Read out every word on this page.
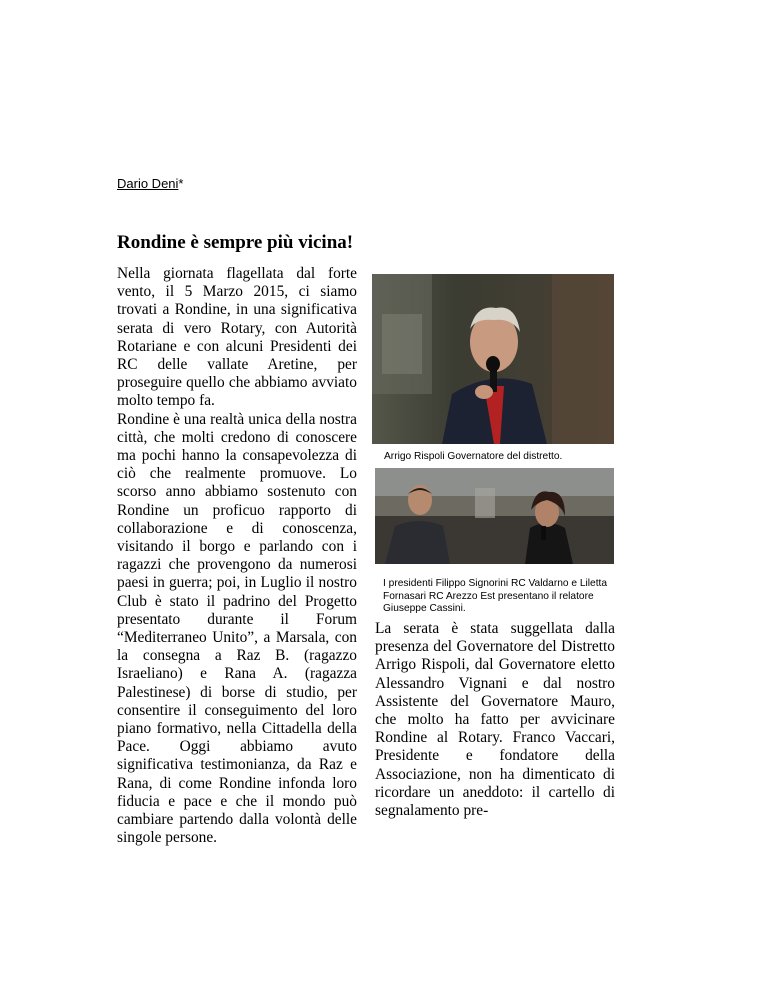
Dario Deni*
Rondine è sempre più vicina!

Nella giornata flagellata dal forte vento, il 5 Marzo 2015, ci siamo trovati a Rondine, in una significativa serata di vero Rotary, con Autorità Rotariane e con alcuni Presidenti dei RC delle vallate Aretine, per proseguire quello che abbiamo avviato molto tempo fa.

Rondine è una realtà unica della nostra città, che molti credono di conoscere ma pochi hanno la consapevolezza di ciò che realmente promuove. Lo scorso anno abbiamo sostenuto con Rondine un proficuo rapporto di collaborazione e di conoscenza, visitando il borgo e parlando con i ragazzi che provengono da numerosi paesi in guerra; poi, in Luglio il nostro Club è stato il padrino del Progetto presentato durante il Forum “Mediterraneo Unito”, a Marsala, con la consegna a Raz B. (ragazzo Israeliano) e Rana A. (ragazza Palestinese) di borse di studio, per consentire il conseguimento del loro piano formativo, nella Cittadella della Pace. Oggi abbiamo avuto significativa testimonianza, da Raz e Rana, di come Rondine infonda loro fiducia e pace e che il mondo può cambiare partendo dalla volontà delle singole persone.

Arrigo Rispoli Governatore del distretto.
I presidenti Filippo Signorini RC Valdarno e Liletta Fornasari RC Arezzo Est presentano il relatore Giuseppe Cassini.

La serata è stata suggellata dalla presenza del Governatore del Distretto Arrigo Rispoli, dal Governatore eletto Alessandro Vignani e dal nostro Assistente del Governatore Mauro, che molto ha fatto per avvicinare Rondine al Rotary. Franco Vaccari, Presidente e fondatore della Associazione, non ha dimenticato di ricordare un aneddoto: il cartello di segnalamento pre-
